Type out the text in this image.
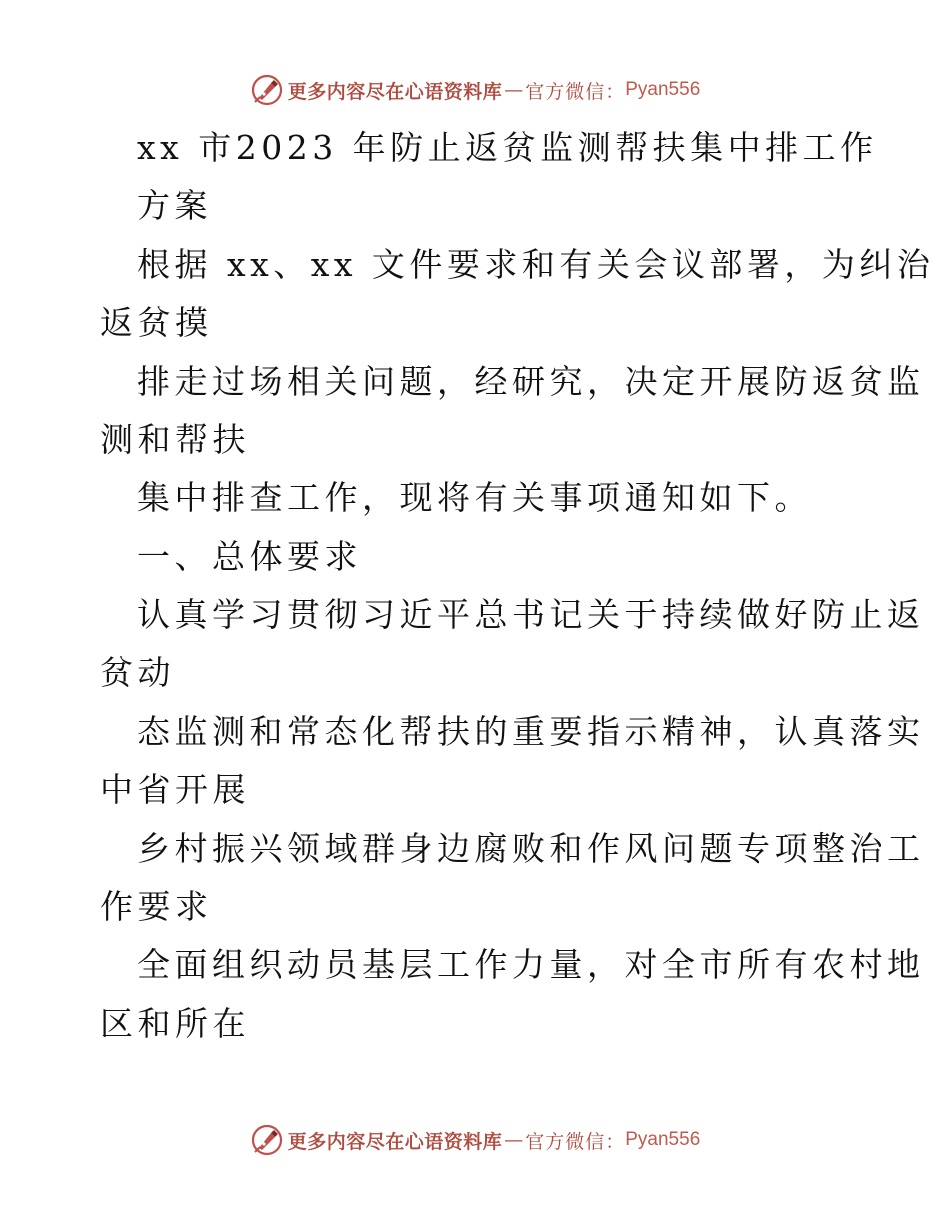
更多内容尽在心语资料库 — 官方微信： Pyan556
xx 市2023 年防止返贫监测帮扶集中排工作
方案
根据 xx、xx 文件要求和有关会议部署，为纠治
返贫摸
排走过场相关问题，经研究，决定开展防返贫监
测和帮扶
集中排查工作，现将有关事项通知如下。
一、总体要求
认真学习贯彻习近平总书记关于持续做好防止返
贫动
态监测和常态化帮扶的重要指示精神，认真落实
中省开展
乡村振兴领域群身边腐败和作风问题专项整治工
作要求
全面组织动员基层工作力量，对全市所有农村地
区和所在
更多内容尽在心语资料库 — 官方微信： Pyan556
